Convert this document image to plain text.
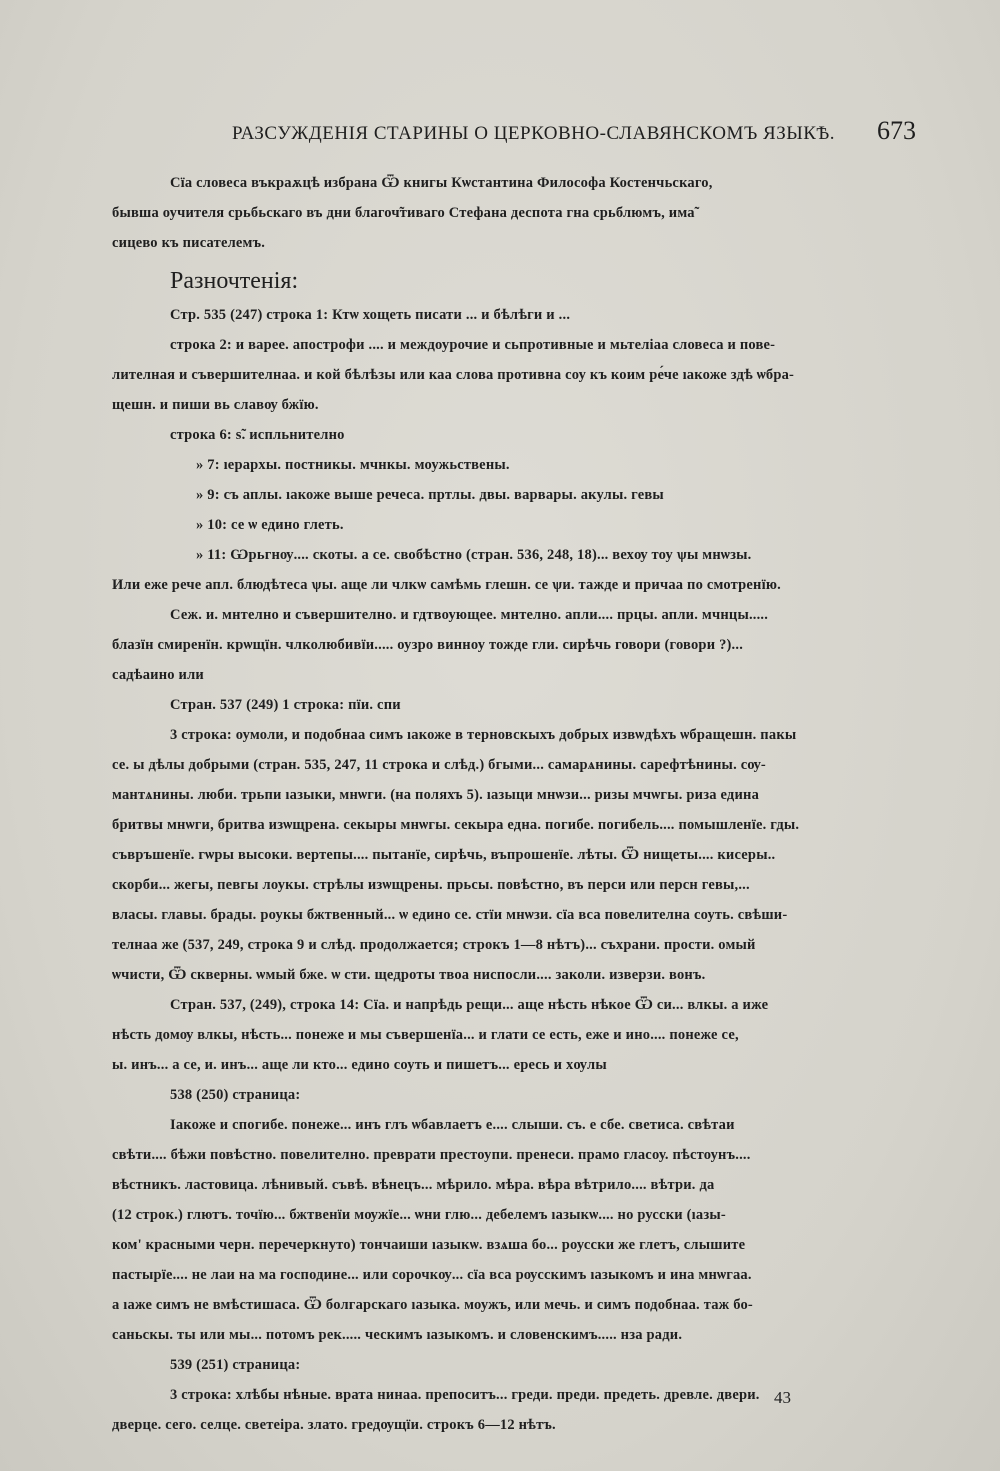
РАЗСУЖДЕНІЯ СТАРИНЫ О ЦЕРКОВНО-СЛАВЯНСКОМЪ ЯЗЫКѢ. 673
Сїа словеса въкраѫцѣ избрана Ѿ книгы Кѡстантина Философа Костенчьскаго,
бывша оучителя срьбьскаго въ дни благоч̃тиваго Стефана деспота гна срьблюмъ, има̃
сицево къ писателемъ.
Разночтенія:
Стр. 535 (247) строка 1: Ктѡ хощеть писати ... и бѣлѣги и ...
строка 2: и варее. апострофи .... и междоурочие и сьпротивные и мьтеліаа словеса и пове-
лителная и съвершителнаа. и кой бѣлѣзы или каа слова противна соу къ коим ре́че ıакоже здѣ ѡбра-
щешн. и пиши вь славѹ бжїю.
строка 6: ѕ̃. испльнително
» 7: ıерархы. постникы. мчнкы. моужьствены.
» 9: съ аплы. ıакоже выше речеса. пртлы. двы. варвары. акулы. гевы
» 10: се ѡ едино глеть.
» 11: Ѡрьгнѹ.... скоты. а се. свобѣстно (стран. 536, 248, 18)... вехѹ тоу ѱы мнѡзы.
Или еже рече апл. блюдѣтеса ѱы. аще ли члкѡ самѣмь глешн. се ѱи. тажде и причаа по смотренїю.
Сеж. и. мнтелно и съвершително. и гдтвоующее. мнтелно. апли.... прцы. апли. мчнцы.....
блазїн смиренїн. крѡщїн. члколюбивїи..... оузро винноу тожде гли. сирѣчь говори (говори ?)...
садѣаино или
Стран. 537 (249) 1 строка: пїи. спи
3 строка: оумоли, и подобнаа симъ ıакоже в терновскыхъ добрых извѡдѣхъ ѡбращешн. пакы
се. ы дѣлы добрыми (стран. 535, 247, 11 строка и слѣд.) бгыми... самарѧнины. сарефтѣнины. сѹ-
мантѧнины. люби. трьпи ıазыки, мнѡги. (на поляхъ 5). ıазыци мнѡзи... ризы мчѡгы. риза едина
бритвы мнѡги, бритва изѡщрена. секыры мнѡгы. секыра една. погибе. погибель.... помышленїе. гды.
съвръшенїе. гѡры высоки. вертепы.... пытанїе, сирѣчь, въпрошенїе. лѣты. Ѿ нищеты.... кисеры..
скорби... жегы, певгы лоукы. стрѣлы изѡщрены. прьсы. повѣстно, въ перси или персн гевы,...
власы. главы. брады. роукы бжтвенный... ѡ едино се. стїи мнѡзи. сїа вса повелителна соуть. свѣши-
телнаа же (537, 249, строка 9 и слѣд. продолжается; строкъ 1—8 нѣтъ)... съхрани. прости. омый
ѡчисти, Ѿ скверны. ѡмый бже. ѡ сти. щедроты твоа ниспосли.... заколи. изверзи. вонъ.
Стран. 537, (249), строка 14: Сїа. и напрѣдь рещи... аще нѣсть нѣкое Ѿ си... влкы. а иже
нѣсть домѹ влкы, нѣсть... понеже и мы съвершенїа... и глати се есть, еже и ино.... понеже се,
ы. инъ... а се, и. инъ... аще ли кто... едино соуть и пишетъ... ересь и хѹлы
538 (250) страница:
Iакоже и спогибе. понеже... инъ глъ ѡбавлаетъ е.... слыши. съ. е сбе. светиса. свѣтаи
свѣти.... бѣжи повѣстно. повелително. преврати престоупи. пренеси. прамо гласоу. пѣстоунъ....
вѣстникъ. ластовица. лѣнивый. съвѣ. вѣнецъ... мѣрило. мѣра. вѣра вѣтрило.... вѣтри. да
(12 строк.) глютъ. точїю... бжтвенїи мѹжїе... ѡни глю... дебелемъ ıазыкѡ.... но русски (ıазы-
ком' красными черн. перечеркнуто) тончаиши ıазыкѡ. взѧша бо... роусски же глетъ, слышите
пастырїе.... не лаи на ма господине... или сорочкѹ... сїа вса рѹсскимъ ıазыкомъ и ина мнѡгаа.
а ıаже симъ не вмѣстишаса. Ѿ болгарскаго ıазыка. моужъ, или мечь. и симъ подобнаа. таж бо-
саньскы. ты или мы... потомъ рек..... ческимъ ıазыкомъ. и словенскимъ..... нза ради.
539 (251) страница:
3 строка: хлѣбы нѣные. врата нинаа. препоситъ... греди. преди. предеть. древле. двери.
дверце. сего. селце. светеіра. злато. гредѹщїи. строкъ 6—12 нѣтъ.
43
